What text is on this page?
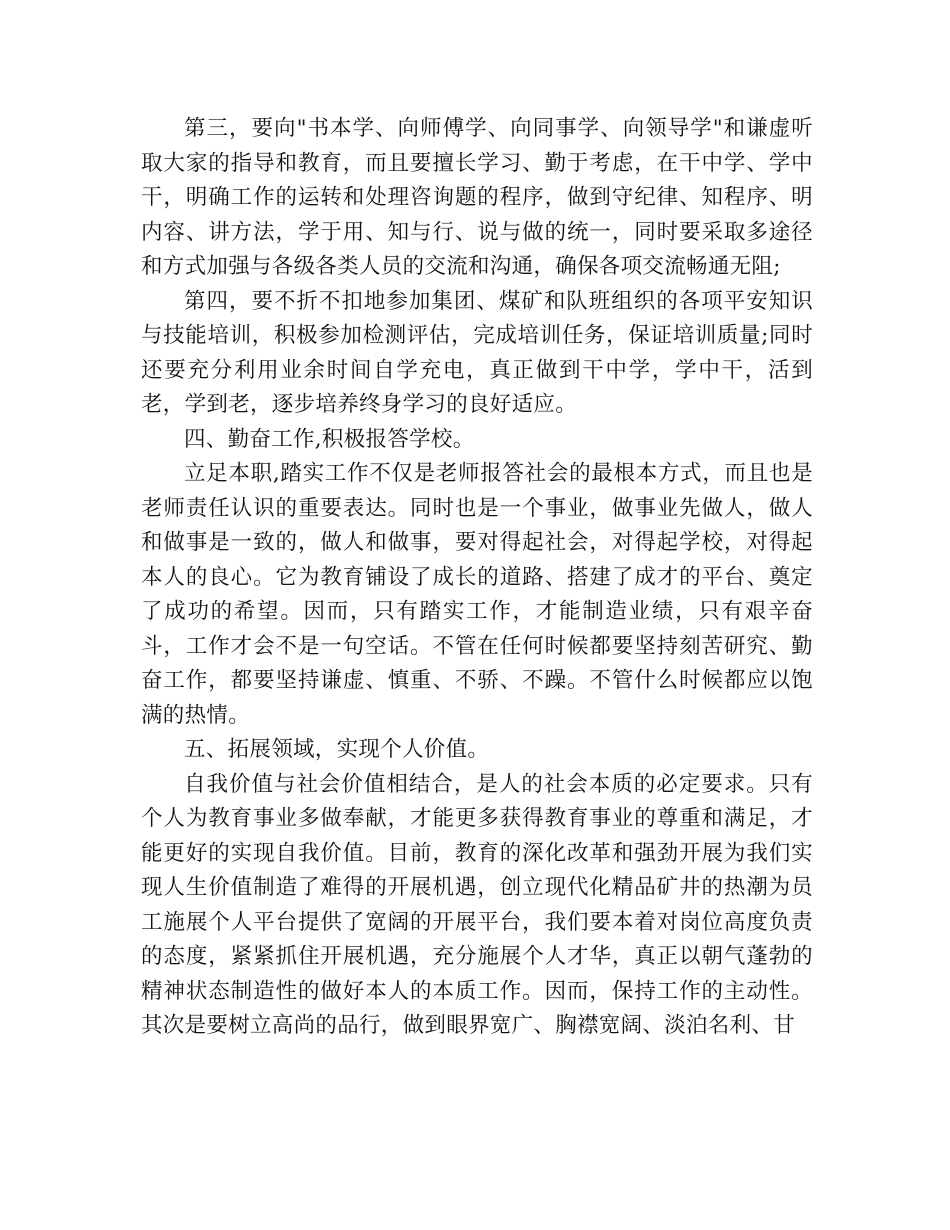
第三，要向"书本学、向师傅学、向同事学、向领导学"和谦虚听取大家的指导和教育，而且要擅长学习、勤于考虑，在干中学、学中干，明确工作的运转和处理咨询题的程序，做到守纪律、知程序、明内容、讲方法，学于用、知与行、说与做的统一，同时要采取多途径和方式加强与各级各类人员的交流和沟通，确保各项交流畅通无阻;

第四，要不折不扣地参加集团、煤矿和队班组织的各项平安知识与技能培训，积极参加检测评估，完成培训任务，保证培训质量;同时还要充分利用业余时间自学充电，真正做到干中学，学中干，活到老，学到老，逐步培养终身学习的良好适应。

四、勤奋工作,积极报答学校。

立足本职,踏实工作不仅是老师报答社会的最根本方式，而且也是老师责任认识的重要表达。同时也是一个事业，做事业先做人，做人和做事是一致的，做人和做事，要对得起社会，对得起学校，对得起本人的良心。它为教育铺设了成长的道路、搭建了成才的平台、奠定了成功的希望。因而，只有踏实工作，才能制造业绩，只有艰辛奋斗，工作才会不是一句空话。不管在任何时候都要坚持刻苦研究、勤奋工作，都要坚持谦虚、慎重、不骄、不躁。不管什么时候都应以饱满的热情。

五、拓展领域，实现个人价值。

自我价值与社会价值相结合，是人的社会本质的必定要求。只有个人为教育事业多做奉献，才能更多获得教育事业的尊重和满足，才能更好的实现自我价值。目前，教育的深化改革和强劲开展为我们实现人生价值制造了难得的开展机遇，创立现代化精品矿井的热潮为员工施展个人平台提供了宽阔的开展平台，我们要本着对岗位高度负责的态度，紧紧抓住开展机遇，充分施展个人才华，真正以朝气蓬勃的精神状态制造性的做好本人的本质工作。因而，保持工作的主动性。其次是要树立高尚的品行，做到眼界宽广、胸襟宽阔、淡泊名利、甘
